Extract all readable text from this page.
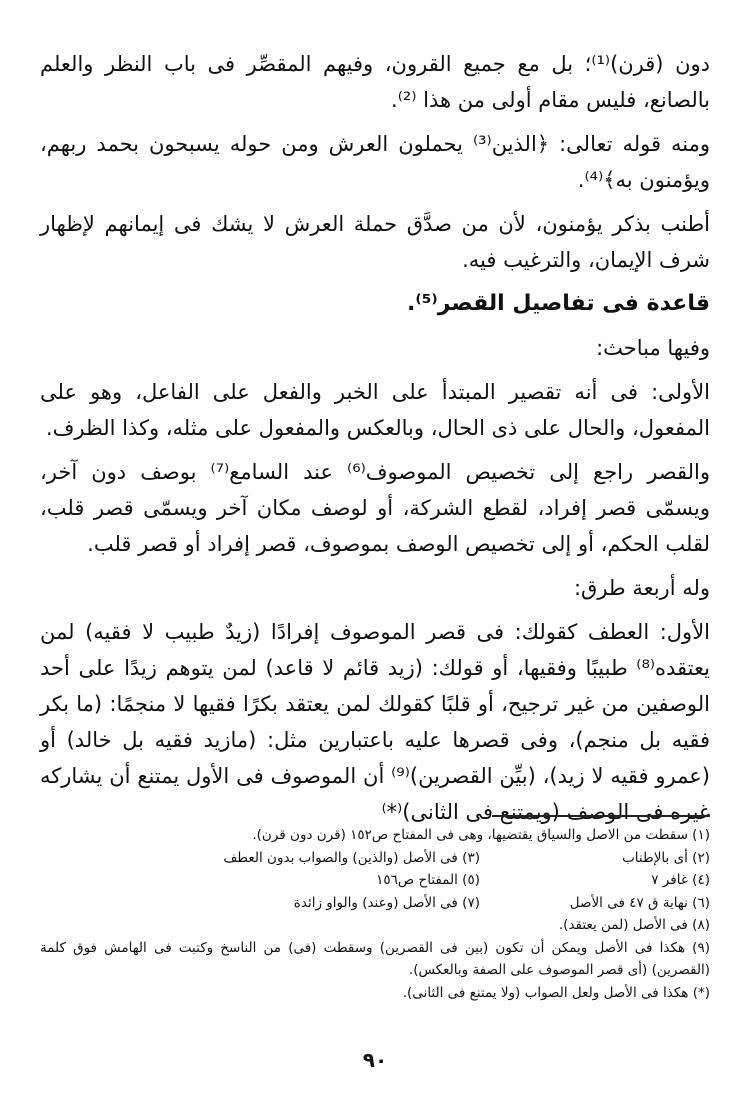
دون (قرن)⁽¹⁾؛ بل مع جميع القرون، وفيهم المقصِّر فى باب النظر والعلم بالصانع، فليس مقام أولى من هذا ⁽²⁾.

ومنه قوله تعالى: ﴿الذين⁽³⁾ يحملون العرش ومن حوله يسبحون بحمد ربهم، ويؤمنون به﴾⁽⁴⁾.

أطنب بذكر يؤمنون، لأن من صدَّق حملة العرش لا يشك فى إيمانهم لإظهار شرف الإيمان، والترغيب فيه.

قاعدة فى تفاصيل القصر⁽⁵⁾.

وفيها مباحث:

الأولى: فى أنه تقصير المبتدأ على الخبر والفعل على الفاعل، وهو على المفعول، والحال على ذى الحال، وبالعكس والمفعول على مثله، وكذا الظرف.

والقصر راجع إلى تخصيص الموصوف⁽⁶⁾ عند السامع⁽⁷⁾ بوصف دون آخر، ويسمّى قصر إفراد، لقطع الشركة، أو لوصف مكان آخر ويسمّى قصر قلب، لقلب الحكم، أو إلى تخصيص الوصف بموصوف، قصر إفراد أو قصر قلب.

وله أربعة طرق:

الأول: العطف كقولك: فى قصر الموصوف إفرادًا (زيدٌ طبيب لا فقيه) لمن يعتقده⁽⁸⁾ طبيبًا وفقيها، أو قولك: (زيد قائم لا قاعد) لمن يتوهم زيدًا على أحد الوصفين من غير ترجيح، أو قلبًا كقولك لمن يعتقد بكرًا فقيها لا منجمًا: (ما بكر فقيه بل منجم)، وفى قصرها عليه باعتبارين مثل: (مازيد فقيه بل خالد) أو (عمرو فقيه لا زيد)، (بيِّن القصرين)⁽⁹⁾ أن الموصوف فى الأول يمتنع أن يشاركه غيره فى الوصف (ويمتنع فى الثانى)⁽*⁾

(١) سقطت من الاصل والسياق يقتضيها، وهى فى المفتاح ص١٥٢ (قرن دون قرن).
(٢) أى بالإطناب
(٣) فى الأصل (والذين) والصواب بدون العطف
(٤) غافر ٧
(٥) المفتاح ص١٥٦
(٦) نهاية ق ٤٧ فى الأصل
(٧) فى الأصل (وعند) والواو زائدة
(٨) فى الأصل (لمن يعتقد).
(٩) هكذا فى الأصل ويمكن أن تكون (بين فى القصرين) وسقطت (فى) من الناسخ وكتبت فى الهامش فوق كلمة (القصرين) (أى قصر الموصوف على الصفة وبالعكس).
(*) هكذا فى الأصل ولعل الصواب (ولا يمتنع فى الثانى).
٩٠
